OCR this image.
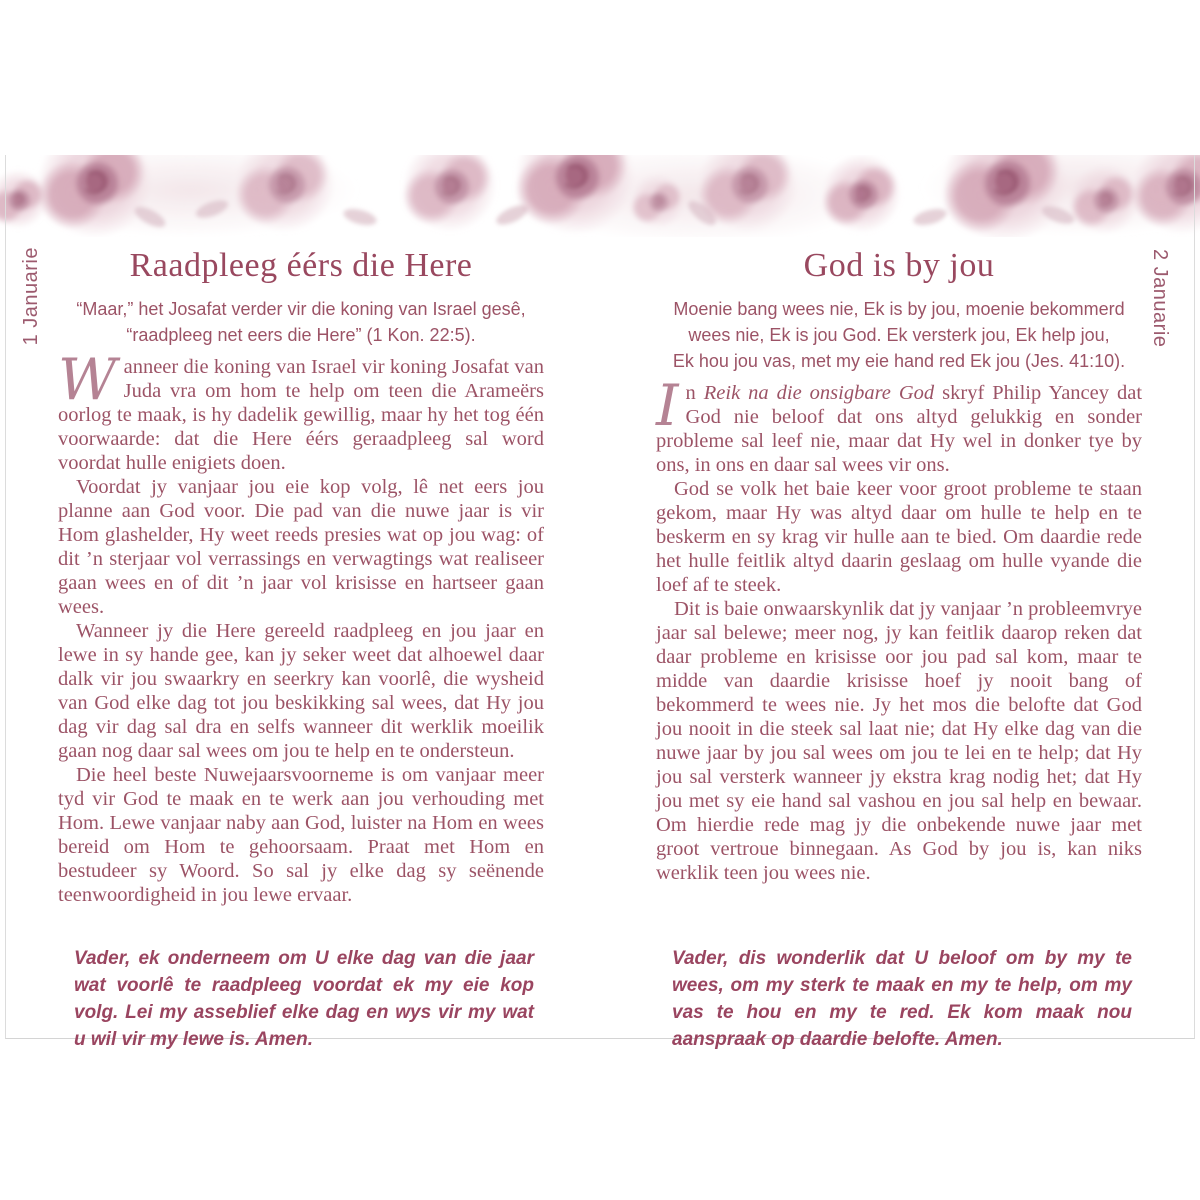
1 Januarie	2 Januarie
Raadpleeg éérs die Here
“Maar,” het Josafat verder vir die koning van Israel gesê,
“raadpleeg net eers die Here” (1 Kon. 22:5).

Wanneer die koning van Israel vir koning Josafat van Juda vra om hom te help om teen die Arameërs oorlog te maak, is hy dadelik gewillig, maar hy het tog één voorwaarde: dat die Here éérs geraadpleeg sal word voordat hulle enigiets doen.

Voordat jy vanjaar jou eie kop volg, lê net eers jou planne aan God voor. Die pad van die nuwe jaar is vir Hom glashelder, Hy weet reeds presies wat op jou wag: of dit ’n sterjaar vol verrassings en verwagtings wat realiseer gaan wees en of dit ’n jaar vol krisisse en hartseer gaan wees.

Wanneer jy die Here gereeld raadpleeg en jou jaar en lewe in sy hande gee, kan jy seker weet dat alhoewel daar dalk vir jou swaarkry en seerkry kan voorlê, die wysheid van God elke dag tot jou beskikking sal wees, dat Hy jou dag vir dag sal dra en selfs wanneer dit werklik moeilik gaan nog daar sal wees om jou te help en te ondersteun.

Die heel beste Nuwejaarsvoorneme is om vanjaar meer tyd vir God te maak en te werk aan jou verhouding met Hom. Lewe vanjaar naby aan God, luister na Hom en wees bereid om Hom te gehoorsaam. Praat met Hom en bestudeer sy Woord. So sal jy elke dag sy seënende teenwoordigheid in jou lewe ervaar.

Vader, ek onderneem om U elke dag van die jaar wat voorlê te raadpleeg voordat ek my eie kop volg. Lei my asseblief elke dag en wys vir my wat u wil vir my lewe is. Amen.
God is by jou
Moenie bang wees nie, Ek is by jou, moenie bekommerd
wees nie, Ek is jou God. Ek versterk jou, Ek help jou,
Ek hou jou vas, met my eie hand red Ek jou (Jes. 41:10).

In Reik na die onsigbare God skryf Philip Yancey dat God nie beloof dat ons altyd gelukkig en sonder probleme sal leef nie, maar dat Hy wel in donker tye by ons, in ons en daar sal wees vir ons.

God se volk het baie keer voor groot probleme te staan gekom, maar Hy was altyd daar om hulle te help en te beskerm en sy krag vir hulle aan te bied. Om daardie rede het hulle feitlik altyd daarin geslaag om hulle vyande die loef af te steek.

Dit is baie onwaarskynlik dat jy vanjaar ’n probleemvrye jaar sal belewe; meer nog, jy kan feitlik daarop reken dat daar probleme en krisisse oor jou pad sal kom, maar te midde van daardie krisisse hoef jy nooit bang of bekommerd te wees nie. Jy het mos die belofte dat God jou nooit in die steek sal laat nie; dat Hy elke dag van die nuwe jaar by jou sal wees om jou te lei en te help; dat Hy jou sal versterk wanneer jy ekstra krag nodig het; dat Hy jou met sy eie hand sal vashou en jou sal help en bewaar. Om hierdie rede mag jy die onbekende nuwe jaar met groot vertroue binnegaan. As God by jou is, kan niks werklik teen jou wees nie.

Vader, dis wonderlik dat U beloof om by my te wees, om my sterk te maak en my te help, om my vas te hou en my te red. Ek kom maak nou aanspraak op daardie belofte. Amen.
